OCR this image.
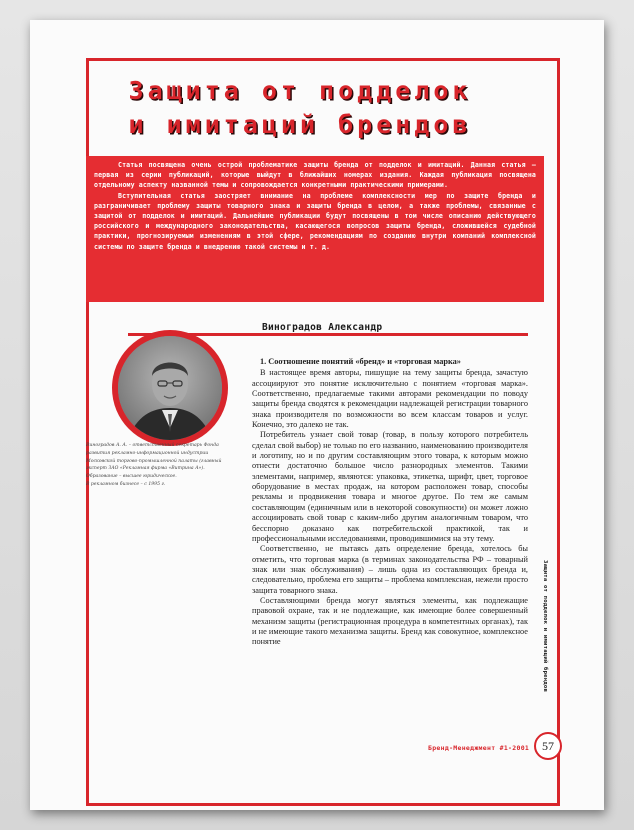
Защита от подделок
и имитаций брендов

Статья посвящена очень острой проблематике защиты бренда от подделок и имитаций. Данная статья – первая из серии публикаций, которые выйдут в ближайших номерах издания. Каждая публикация посвящена отдельному аспекту названной темы и сопровождается конкретными практическими примерами.

Вступительная статья заостряет внимание на проблеме комплексности мер по защите бренда и разграничивает проблему защиты товарного знака и защиты бренда в целом, а также проблемы, связанные с защитой от подделок и имитаций. Дальнейшие публикации будут посвящены в том числе описанию действующего российского и международного законодательства, касающегося вопросов защиты бренда, сложившейся судебной практики, прогнозируемым изменениям в этой сфере, рекомендациям по созданию внутри компаний комплексной системы по защите бренда и внедрению такой системы и т. д.

Виноградов Александр

Виноградов А. А. – ответственный секретарь Фонда развития рекламно-информационной индустрии Московской торгово-промышленной палаты (главный эксперт ЗАО «Рекламная фирма «Витрина А»).

Образование – высшее юридическое.

В рекламном бизнесе – с 1995 г.

1. Соотношение понятий «бренд» и «торговая марка»

В настоящее время авторы, пишущие на тему защиты бренда, зачастую ассоциируют это понятие исключительно с понятием «торговая марка». Соответственно, предлагаемые такими авторами рекомендации по поводу защиты бренда сводятся к рекомендации надлежащей регистрации товарного знака производителя по возможности во всем классам товаров и услуг. Конечно, это далеко не так.

Потребитель узнает свой товар (товар, в пользу которого потребитель сделал свой выбор) не только по его названию, наименованию производителя и логотипу, но и по другим составляющим этого товара, к которым можно отнести достаточно большое число разнородных элементов. Такими элементами, например, являются: упаковка, этикетка, шрифт, цвет, торговое оборудование в местах продаж, на котором расположен товар, способы рекламы и продвижения товара и многое другое. По тем же самым составляющим (единичным или в некоторой совокупности) он может ложно ассоциировать свой товар с каким-либо другим аналогичным товаром, что бесспорно доказано как потребительской практикой, так и профессиональными исследованиями, проводившимися на эту тему.

Соответственно, не пытаясь дать определение бренда, хотелось бы отметить, что торговая марка (в терминах законодательства РФ – товарный знак или знак обслуживания) – лишь одна из составляющих бренда и, следовательно, проблема его защиты – проблема комплексная, нежели просто защита товарного знака.

Составляющими бренда могут являться элементы, как подлежащие правовой охране, так и не подлежащие, как имеющие более совершенный механизм защиты (регистрационная процедура в компетентных органах), так и не имеющие такого механизма защиты. Бренд как совокупное, комплексное понятие	Защита от подделок и имитаций брендов
Бренд-Менеджмент #1-2001	57
